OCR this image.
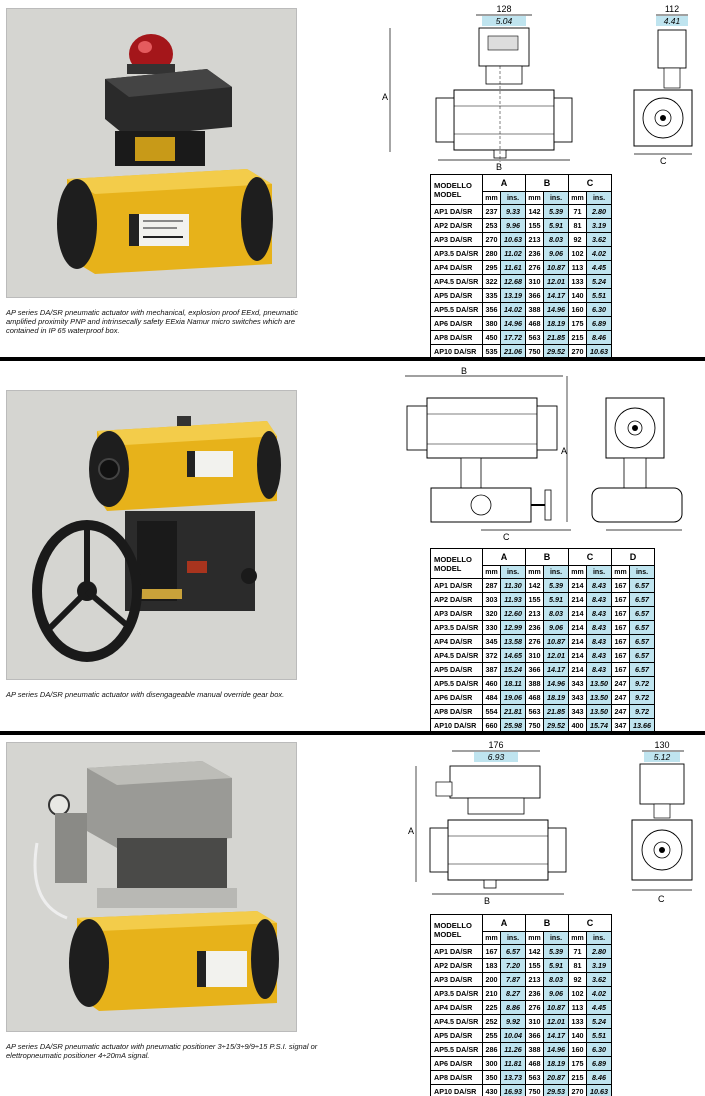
AP series DA/SR pneumatic actuator with mechanical, explosion proof EExd, pneumatic amplified proximity PNP and intrinsecally safety EExia Namur micro switches which are contained in IP 65 waterproof box.
128
5.04
A
B
112
4.41
C
MODELLO
MODEL	A		B		C	
	mm	ins.	mm	ins.	mm	ins.
AP1 DA/SR	237	9.33	142	5.39	71	2.80
AP2 DA/SR	253	9.96	155	5.91	81	3.19
AP3 DA/SR	270	10.63	213	8.03	92	3.62
AP3.5 DA/SR	280	11.02	236	9.06	102	4.02
AP4 DA/SR	295	11.61	276	10.87	113	4.45
AP4.5 DA/SR	322	12.68	310	12.01	133	5.24
AP5 DA/SR	335	13.19	366	14.17	140	5.51
AP5.5 DA/SR	356	14.02	388	14.96	160	6.30
AP6 DA/SR	380	14.96	468	18.19	175	6.89
AP8 DA/SR	450	17.72	563	21.85	215	8.46
AP10 DA/SR	535	21.06	750	29.52	270	10.63
AP series DA/SR pneumatic actuator with disengageable manual override gear box.
B
A
C
MODELLO
MODEL	A		B		C		D	
	mm	ins.	mm	ins.	mm	ins.	mm	ins.
AP1 DA/SR	287	11.30	142	5.39	214	8.43	167	6.57
AP2 DA/SR	303	11.93	155	5.91	214	8.43	167	6.57
AP3 DA/SR	320	12.60	213	8.03	214	8.43	167	6.57
AP3.5 DA/SR	330	12.99	236	9.06	214	8.43	167	6.57
AP4 DA/SR	345	13.58	276	10.87	214	8.43	167	6.57
AP4.5 DA/SR	372	14.65	310	12.01	214	8.43	167	6.57
AP5 DA/SR	387	15.24	366	14.17	214	8.43	167	6.57
AP5.5 DA/SR	460	18.11	388	14.96	343	13.50	247	9.72
AP6 DA/SR	484	19.06	468	18.19	343	13.50	247	9.72
AP8 DA/SR	554	21.81	563	21.85	343	13.50	247	9.72
AP10 DA/SR	660	25.98	750	29.52	400	15.74	347	13.66
AP series DA/SR pneumatic actuator with pneumatic positioner 3÷15/3÷9/9÷15 P.S.I. signal or elettropneumatic positioner 4÷20mA signal.
176
6.93
A
B
130
5.12
C
MODELLO
MODEL	A		B		C	
	mm	ins.	mm	ins.	mm	ins.
AP1 DA/SR	167	6.57	142	5.39	71	2.80
AP2 DA/SR	183	7.20	155	5.91	81	3.19
AP3 DA/SR	200	7.87	213	8.03	92	3.62
AP3.5 DA/SR	210	8.27	236	9.06	102	4.02
AP4 DA/SR	225	8.86	276	10.87	113	4.45
AP4.5 DA/SR	252	9.92	310	12.01	133	5.24
AP5 DA/SR	255	10.04	366	14.17	140	5.51
AP5.5 DA/SR	286	11.26	388	14.96	160	6.30
AP6 DA/SR	300	11.81	468	18.19	175	6.89
AP8 DA/SR	350	13.73	563	20.87	215	8.46
AP10 DA/SR	430	16.93	750	29.53	270	10.63
